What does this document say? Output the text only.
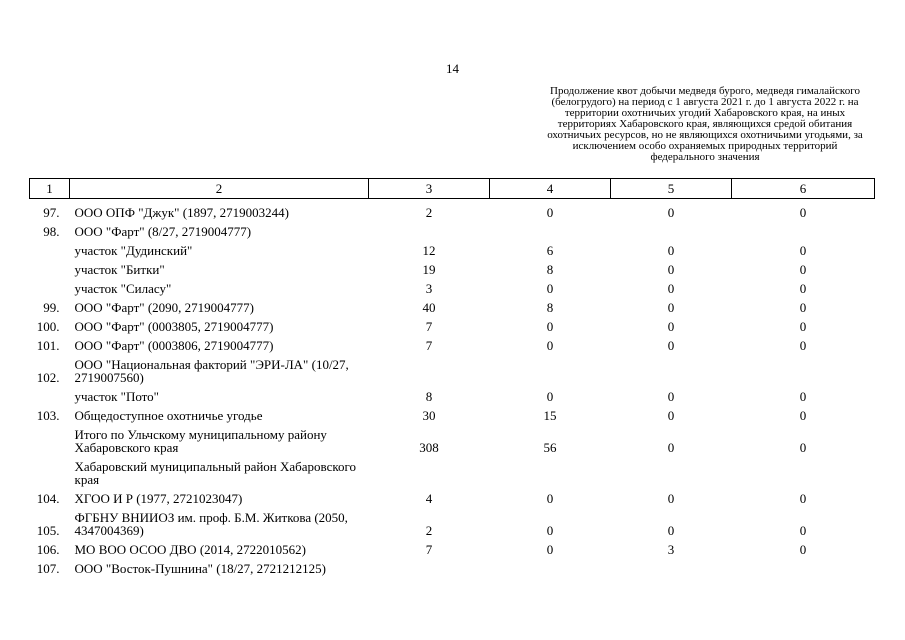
14
Продолжение квот добычи медведя бурого, медведя гималайского (белогрудого) на период с 1 августа 2021 г. до 1 августа 2022 г. на территории охотничьих угодий Хабаровского края, на иных территориях Хабаровского края, являющихся средой обитания охотничьих ресурсов, но не являющихся охотничьими угодьями, за исключением особо охраняемых природных территорий федерального значения
1	2	3	4	5	6
97.	ООО ОПФ "Джук" (1897, 2719003244)	2	0	0	0
98.	ООО "Фарт" (8/27, 2719004777)				
	участок "Дудинский"	12	6	0	0
	участок "Битки"	19	8	0	0
	участок "Силасу"	3	0	0	0
99.	ООО "Фарт" (2090, 2719004777)	40	8	0	0
100.	ООО "Фарт" (0003805, 2719004777)	7	0	0	0
101.	ООО "Фарт" (0003806, 2719004777)	7	0	0	0
102.	ООО "Национальная факторий "ЭРИ-ЛА" (10/27, 2719007560)				
	участок "Пото"	8	0	0	0
103.	Общедоступное охотничье угодье	30	15	0	0
	Итого по Ульчскому муниципальному району Хабаровского края	308	56	0	0
	Хабаровский муниципальный район Хабаровского края				
104.	ХГОО И Р (1977, 2721023047)	4	0	0	0
105.	ФГБНУ ВНИИОЗ им. проф. Б.М. Житкова (2050, 4347004369)	2	0	0	0
106.	МО ВОО ОСОО ДВО (2014, 2722010562)	7	0	3	0
107.	ООО "Восток-Пушнина" (18/27, 2721212125)				
